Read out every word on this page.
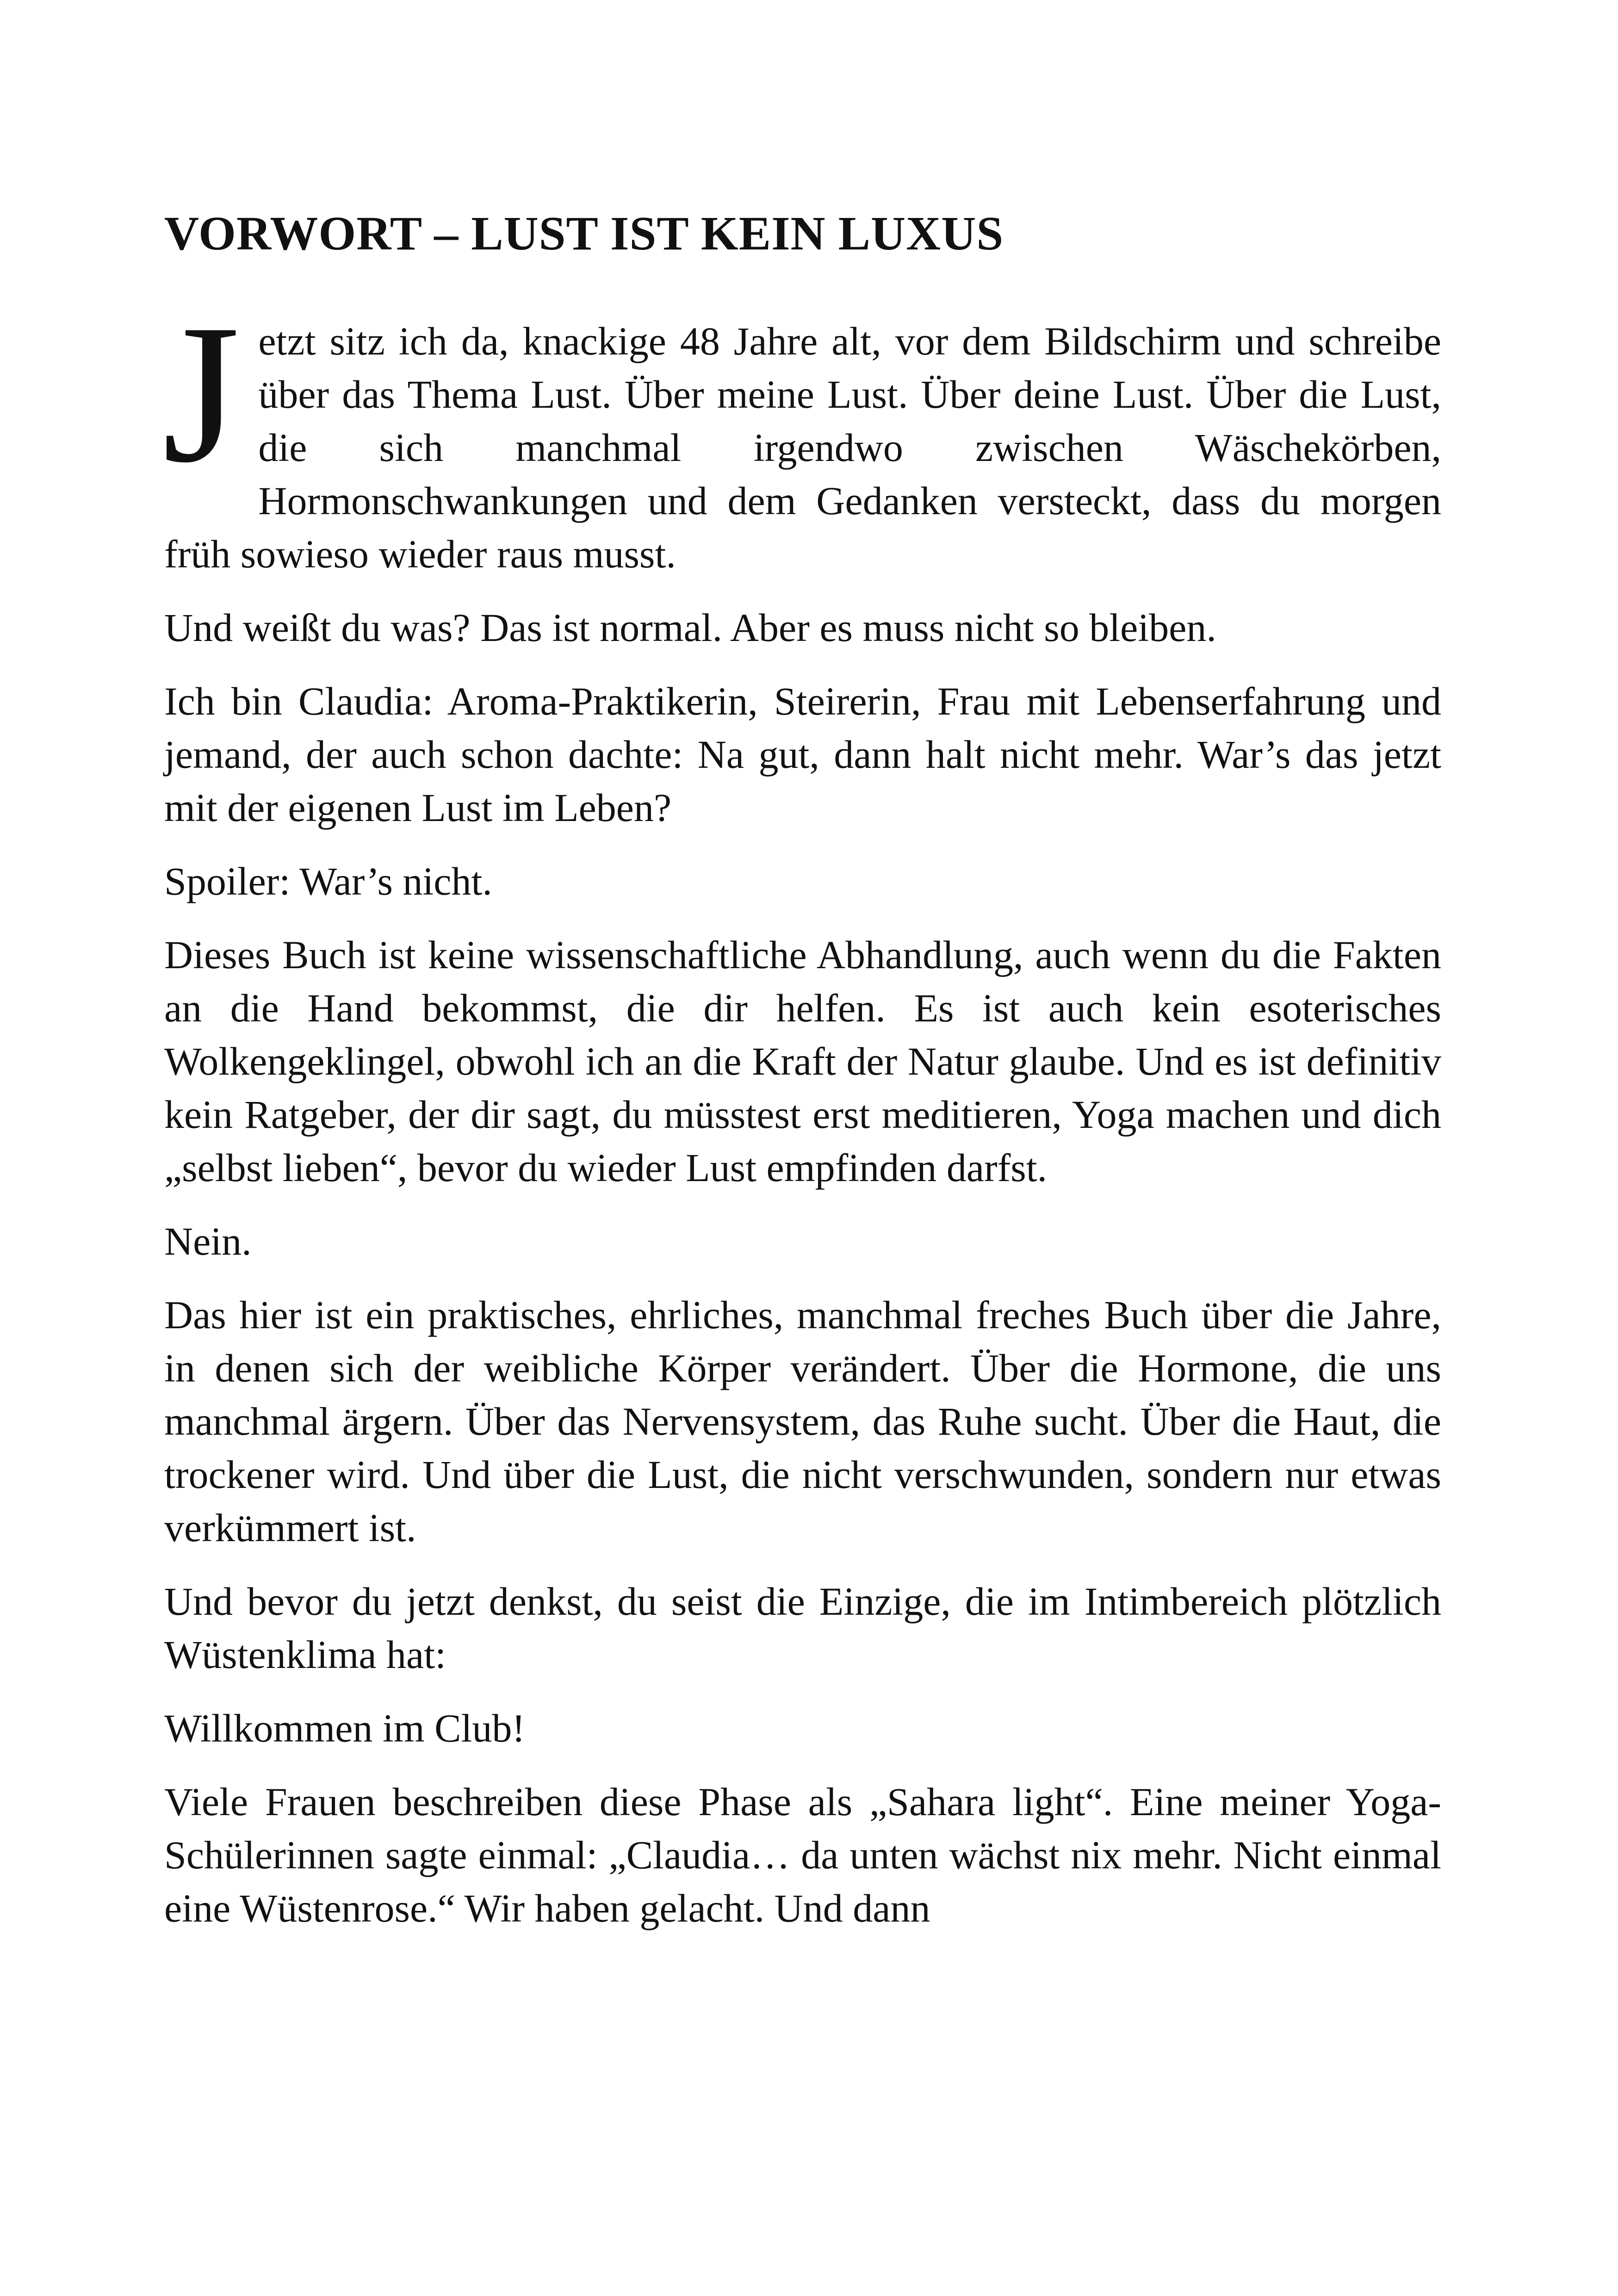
VORWORT – LUST IST KEIN LUXUS

Jetzt sitz ich da, knackige 48 Jahre alt, vor dem Bildschirm und schreibe über das Thema Lust. Über meine Lust. Über deine Lust. Über die Lust, die sich manchmal irgendwo zwischen Wäschekörben, Hormonschwankungen und dem Gedanken versteckt, dass du morgen früh sowieso wieder raus musst.

Und weißt du was? Das ist normal. Aber es muss nicht so bleiben.

Ich bin Claudia: Aroma-Praktikerin, Steirerin, Frau mit Lebenserfahrung und jemand, der auch schon dachte: Na gut, dann halt nicht mehr. War’s das jetzt mit der eigenen Lust im Leben?

Spoiler: War’s nicht.

Dieses Buch ist keine wissenschaftliche Abhandlung, auch wenn du die Fakten an die Hand bekommst, die dir helfen. Es ist auch kein esoterisches Wolkengeklingel, obwohl ich an die Kraft der Natur glaube. Und es ist definitiv kein Ratgeber, der dir sagt, du müsstest erst meditieren, Yoga machen und dich „selbst lieben“, bevor du wieder Lust empfinden darfst.

Nein.

Das hier ist ein praktisches, ehrliches, manchmal freches Buch über die Jahre, in denen sich der weibliche Körper verändert. Über die Hormone, die uns manchmal ärgern. Über das Nervensystem, das Ruhe sucht. Über die Haut, die trockener wird. Und über die Lust, die nicht verschwunden, sondern nur etwas verkümmert ist.

Und bevor du jetzt denkst, du seist die Einzige, die im Intimbereich plötzlich Wüstenklima hat:

Willkommen im Club!

Viele Frauen beschreiben diese Phase als „Sahara light“. Eine meiner Yoga-Schülerinnen sagte einmal: „Claudia… da unten wächst nix mehr. Nicht einmal eine Wüstenrose.“ Wir haben gelacht. Und dann
